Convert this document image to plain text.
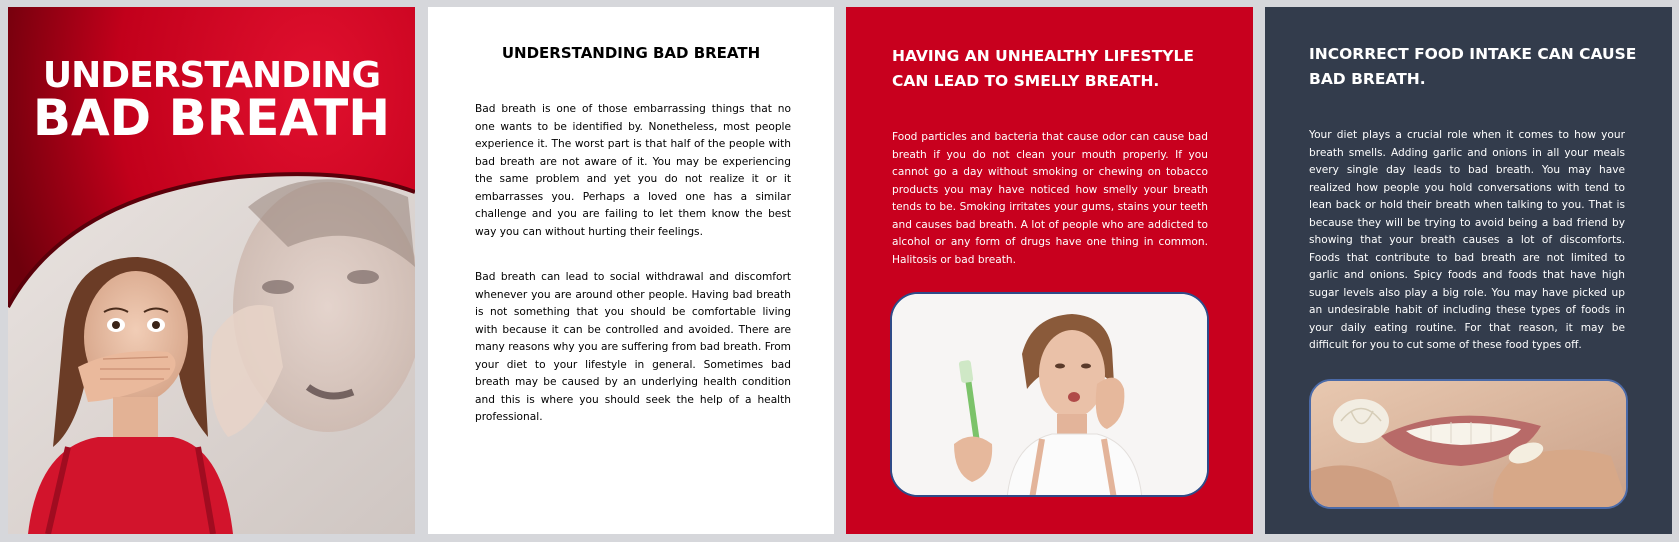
UNDERSTANDING
BAD BREATH
UNDERSTANDING BAD BREATH

Bad breath is one of those embarrassing things that no one wants to be identified by. Nonetheless, most people experience it. The worst part is that half of the people with bad breath are not aware of it. You may be experiencing the same problem and yet you do not realize it or it embarrasses you. Perhaps a loved one has a similar challenge and you are failing to let them know the best way you can without hurting their feelings.

Bad breath can lead to social withdrawal and discomfort whenever you are around other people. Having bad breath is not something that you should be comfortable living with because it can be controlled and avoided. There are many reasons why you are suffering from bad breath. From your diet to your lifestyle in general. Sometimes bad breath may be caused by an underlying health condition and this is where you should seek the help of a health professional.

HAVING AN UNHEALTHY LIFESTYLE CAN LEAD TO SMELLY BREATH.

Food particles and bacteria that cause odor can cause bad breath if you do not clean your mouth properly. If you cannot go a day without smoking or chewing on tobacco products you may have noticed how smelly your breath tends to be. Smoking irritates your gums, stains your teeth and causes bad breath. A lot of people who are addicted to alcohol or any form of drugs have one thing in common. Halitosis or bad breath.

INCORRECT FOOD INTAKE CAN CAUSE BAD BREATH.

Your diet plays a crucial role when it comes to how your breath smells. Adding garlic and onions in all your meals every single day leads to bad breath. You may have realized how people you hold conversations with tend to lean back or hold their breath when talking to you. That is because they will be trying to avoid being a bad friend by showing that your breath causes a lot of discomforts. Foods that contribute to bad breath are not limited to garlic and onions. Spicy foods and foods that have high sugar levels also play a big role. You may have picked up an undesirable habit of including these types of foods in your daily eating routine. For that reason, it may be difficult for you to cut some of these food types off.
